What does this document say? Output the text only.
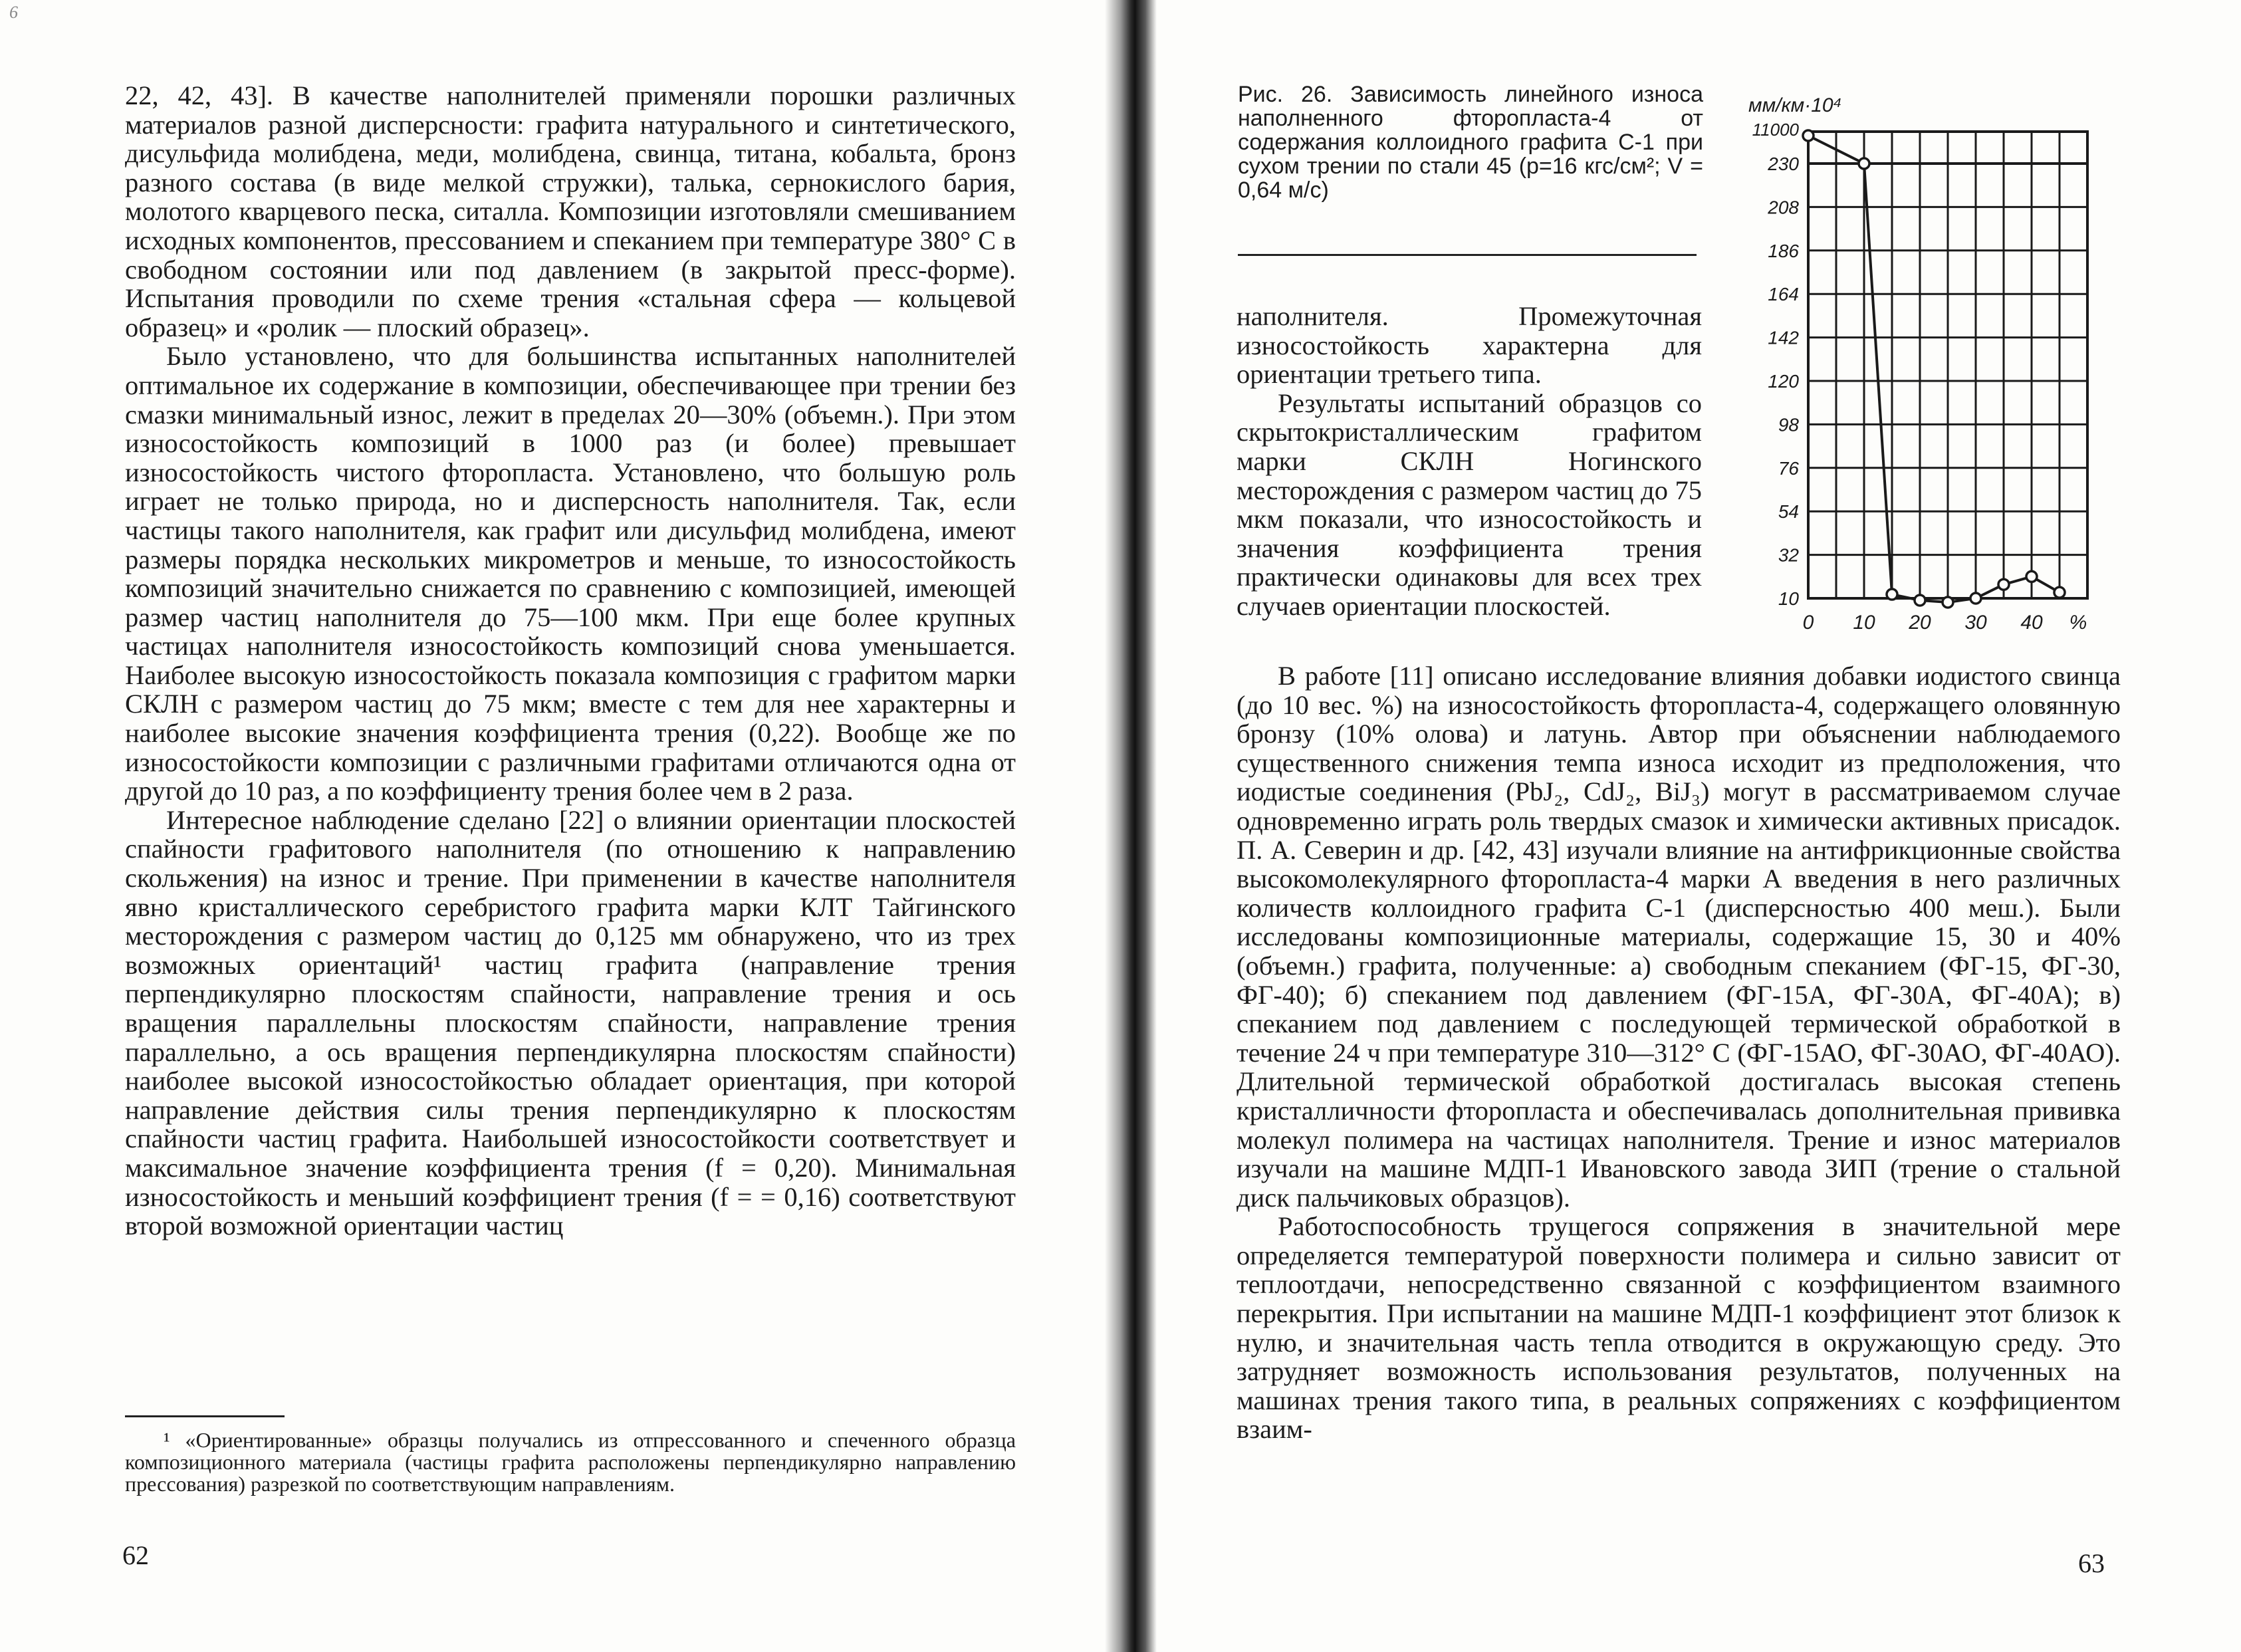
6

22, 42, 43]. В качестве наполнителей применяли порошки различных материалов разной дисперсности: графита натурального и синтетического, дисульфида молибдена, меди, молибдена, свинца, титана, кобальта, бронз разного состава (в виде мелкой стружки), талька, сернокислого бария, молотого кварцевого песка, ситалла. Композиции изготовляли смешиванием исходных компонентов, прессованием и спеканием при температуре 380° С в свободном состоянии или под давлением (в закрытой пресс-форме). Испытания проводили по схеме трения «стальная сфера — кольцевой образец» и «ролик — плоский образец».

Было установлено, что для большинства испытанных наполнителей оптимальное их содержание в композиции, обеспечивающее при трении без смазки минимальный износ, лежит в пределах 20—30% (объемн.). При этом износостойкость композиций в 1000 раз (и более) превышает износостойкость чистого фторопласта. Установлено, что большую роль играет не только природа, но и дисперсность наполнителя. Так, если частицы такого наполнителя, как графит или дисульфид молибдена, имеют размеры порядка нескольких микрометров и меньше, то износостойкость композиций значительно снижается по сравнению с композицией, имеющей размер частиц наполнителя до 75—100 мкм. При еще более крупных частицах наполнителя износостойкость композиций снова уменьшается. Наиболее высокую износостойкость показала композиция с графитом марки СКЛН с размером частиц до 75 мкм; вместе с тем для нее характерны и наиболее высокие значения коэффициента трения (0,22). Вообще же по износостойкости композиции с различными графитами отличаются одна от другой до 10 раз, а по коэффициенту трения более чем в 2 раза.

Интересное наблюдение сделано [22] о влиянии ориентации плоскостей спайности графитового наполнителя (по отношению к направлению скольжения) на износ и трение. При применении в качестве наполнителя явно кристаллического серебристого графита марки КЛТ Тайгинского месторождения с размером частиц до 0,125 мм обнаружено, что из трех возможных ориентаций¹ частиц графита (направление трения перпендикулярно плоскостям спайности, направление трения и ось вращения параллельны плоскостям спайности, направление трения параллельно, а ось вращения перпендикулярна плоскостям спайности) наиболее высокой износостойкостью обладает ориентация, при которой направление действия силы трения перпендикулярно к плоскостям спайности частиц графита. Наибольшей износостойкости соответствует и максимальное значение коэффициента трения (f = 0,20). Минимальная износостойкость и меньший коэффициент трения (f = = 0,16) соответствуют второй возможной ориентации частиц

¹ «Ориентированные» образцы получались из отпрессованного и спеченного образца композиционного материала (частицы графита расположены перпендикулярно направлению прессования) разрезкой по соответствующим направлениям.

62

Рис. 26. Зависимость линейного износа наполненного фторопласта-4 от содержания коллоидного графита С-1 при сухом трении по стали 45 (p=16 кгс/см²; V = 0,64 м/с)

наполнителя. Промежуточная износостойкость характерна для ориентации третьего типа.

Результаты испытаний образцов со скрытокристаллическим графитом марки СКЛН Ногинского месторождения с размером частиц до 75 мкм показали, что износостойкость и значения коэффициента трения практически одинаковы для всех трех случаев ориентации плоскостей.

мм/км·10⁴
230
208
186
164
142
120
98
76
54
32
10
11000
0 10 20 30 40 %

В работе [11] описано исследование влияния добавки иодистого свинца (до 10 вес. %) на износостойкость фторопласта-4, содержащего оловянную бронзу (10% олова) и латунь. Автор при объяснении наблюдаемого существенного снижения темпа износа исходит из предположения, что иодистые соединения (PbJ₂, CdJ₂, BiJ₃) могут в рассматриваемом случае одновременно играть роль твердых смазок и химически активных присадок. П. А. Северин и др. [42, 43] изучали влияние на антифрикционные свойства высокомолекулярного фторопласта-4 марки А введения в него различных количеств коллоидного графита С-1 (дисперсностью 400 меш.). Были исследованы композиционные материалы, содержащие 15, 30 и 40% (объемн.) графита, полученные: а) свободным спеканием (ФГ-15, ФГ-30, ФГ-40); б) спеканием под давлением (ФГ-15А, ФГ-30А, ФГ-40А); в) спеканием под давлением с последующей термической обработкой в течение 24 ч при температуре 310—312° С (ФГ-15АО, ФГ-30АО, ФГ-40АО). Длительной термической обработкой достигалась высокая степень кристалличности фторопласта и обеспечивалась дополнительная прививка молекул полимера на частицах наполнителя. Трение и износ материалов изучали на машине МДП-1 Ивановского завода ЗИП (трение о стальной диск пальчиковых образцов).

Работоспособность трущегося сопряжения в значительной мере определяется температурой поверхности полимера и сильно зависит от теплоотдачи, непосредственно связанной с коэффициентом взаимного перекрытия. При испытании на машине МДП-1 коэффициент этот близок к нулю, и значительная часть тепла отводится в окружающую среду. Это затрудняет возможность использования результатов, полученных на машинах трения такого типа, в реальных сопряжениях с коэффициентом взаим-

63
